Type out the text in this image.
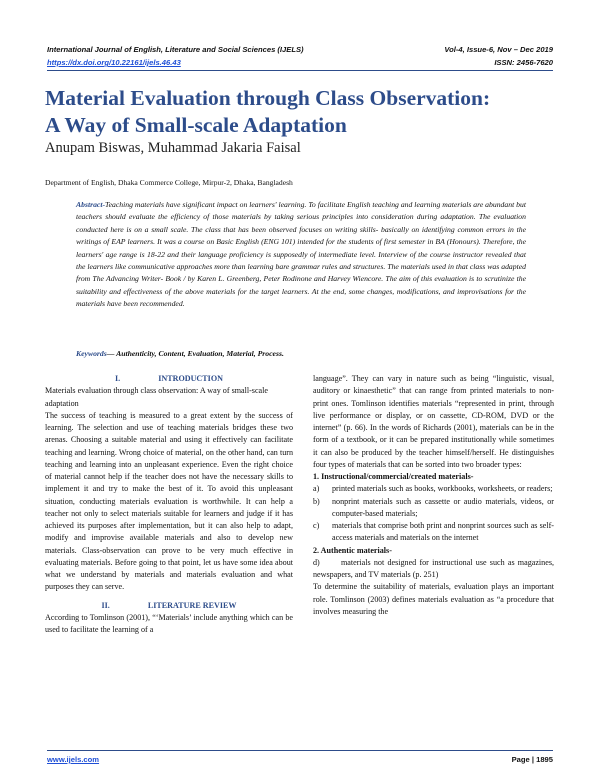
International Journal of English, Literature and Social Sciences (IJELS)
https://dx.doi.org/10.22161/ijels.46.43
Vol-4, Issue-6, Nov – Dec 2019
ISSN: 2456-7620
Material Evaluation through Class Observation:
A Way of Small-scale Adaptation
Anupam Biswas, Muhammad Jakaria Faisal
Department of English, Dhaka Commerce College, Mirpur-2, Dhaka, Bangladesh
Abstract-Teaching materials have significant impact on learners' learning. To facilitate English teaching and learning materials are abundant but teachers should evaluate the efficiency of those materials by taking serious principles into consideration during adaptation. The evaluation conducted here is on a small scale. The class that has been observed focuses on writing skills- basically on identifying common errors in the writings of EAP learners. It was a course on Basic English (ENG 101) intended for the students of first semester in BA (Honours). Therefore, the learners' age range is 18-22 and their language proficiency is supposedly of intermediate level. Interview of the course instructor revealed that the learners like communicative approaches more than learning bare grammar rules and structures. The materials used in that class was adapted from The Advancing Writer- Book / by Karen L. Greenberg, Peter Rodinone and Harvey Wiencore. The aim of this evaluation is to scrutinize the suitability and effectiveness of the above materials for the target learners. At the end, some changes, modifications, and improvisations for the materials have been recommended.
Keywords— Authenticity, Content, Evaluation, Material, Process.
I.	INTRODUCTION

Materials evaluation through class observation: A way of small-scale adaptation

The success of teaching is measured to a great extent by the success of learning. The selection and use of teaching materials bridges these two arenas. Choosing a suitable material and using it effectively can facilitate teaching and learning. Wrong choice of material, on the other hand, can turn teaching and learning into an unpleasant experience. Even the right choice of material cannot help if the teacher does not have the necessary skills to implement it and try to make the best of it. To avoid this unpleasant situation, conducting materials evaluation is worthwhile. It can help a teacher not only to select materials suitable for learners and judge if it has achieved its purposes after implementation, but it can also help to adapt, modify and improvise available materials and also to develop new materials. Class-observation can prove to be very much effective in evaluating materials. Before going to that point, let us have some idea about what we understand by materials and materials evaluation and what purposes they can serve.

II.	LITERATURE REVIEW

According to Tomlinson (2001), “‘Materials’ include anything which can be used to facilitate the learning of a

language”. They can vary in nature such as being “linguistic, visual, auditory or kinaesthetic” that can range from printed materials to non-print ones. Tomlinson identifies materials “represented in print, through live performance or display, or on cassette, CD-ROM, DVD or the internet” (p. 66). In the words of Richards (2001), materials can be in the form of a textbook, or it can be prepared institutionally while sometimes it can also be produced by the teacher himself/herself. He distinguishes four types of materials that can be sorted into two broader types:

1. Instructional/commercial/created materials-
a)	printed materials such as books, workbooks, worksheets, or readers;
b)	nonprint materials such as cassette or audio materials, videos, or computer-based materials;
c)	materials that comprise both print and nonprint sources such as self-access materials and materials on the internet
2. Authentic materials-

d)	materials not designed for instructional use such as magazines, newspapers, and TV materials (p. 251)

To determine the suitability of materials, evaluation plays an important role. Tomlinson (2003) defines materials evaluation as “a procedure that involves measuring the

www.ijels.com	Page | 1895
